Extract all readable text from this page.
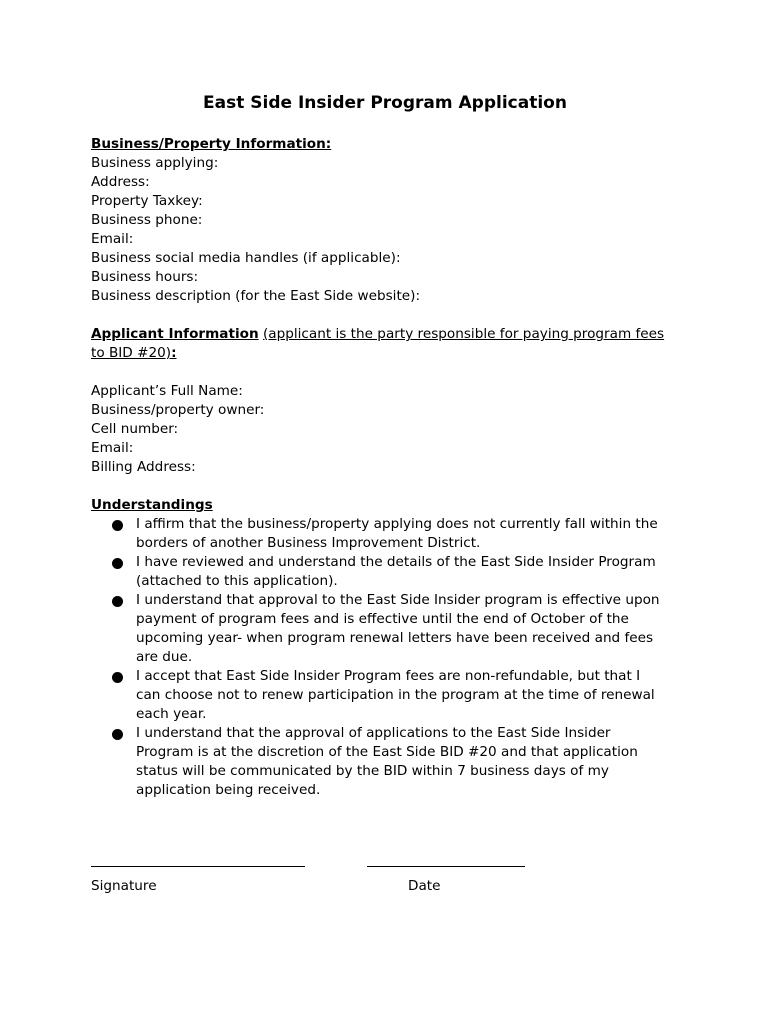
East Side Insider Program Application
Business/Property Information:
Business applying:
Address:
Property Taxkey:
Business phone:
Email:
Business social media handles (if applicable):
Business hours:
Business description (for the East Side website):
Applicant Information (applicant is the party responsible for paying program fees
to BID #20):
Applicant’s Full Name:
Business/property owner:
Cell number:
Email:
Billing Address:
Understandings
I affirm that the business/property applying does not currently fall within the
borders of another Business Improvement District.
I have reviewed and understand the details of the East Side Insider Program
(attached to this application).
I understand that approval to the East Side Insider program is effective upon
payment of program fees and is effective until the end of October of the
upcoming year- when program renewal letters have been received and fees
are due.
I accept that East Side Insider Program fees are non-refundable, but that I
can choose not to renew participation in the program at the time of renewal
each year.
I understand that the approval of applications to the East Side Insider
Program is at the discretion of the East Side BID #20 and that application
status will be communicated by the BID within 7 business days of my
application being received.
Signature	Date
